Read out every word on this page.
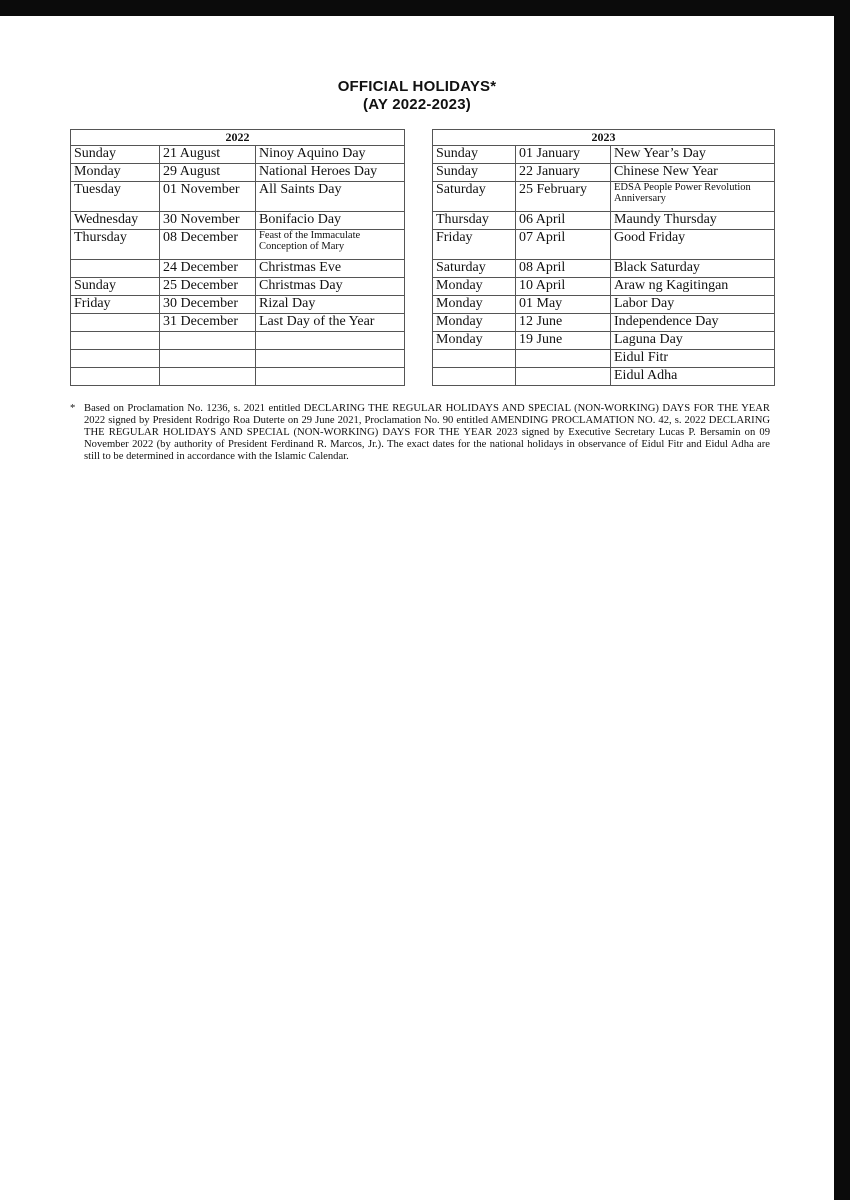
OFFICIAL HOLIDAYS*
(AY 2022-2023)
2022		
Sunday	21 August	Ninoy Aquino Day
Monday	29 August	National Heroes Day
Tuesday	01 November	All Saints Day
Wednesday	30 November	Bonifacio Day
Thursday	08 December	Feast of the Immaculate Conception of Mary
	24 December	Christmas Eve
Sunday	25 December	Christmas Day
Friday	30 December	Rizal Day
	31 December	Last Day of the Year

2023		
Sunday	01 January	New Year’s Day
Sunday	22 January	Chinese New Year
Saturday	25 February	EDSA People Power Revolution Anniversary
Thursday	06 April	Maundy Thursday
Friday	07 April	Good Friday
Saturday	08 April	Black Saturday
Monday	10 April	Araw ng Kagitingan
Monday	01 May	Labor Day
Monday	12 June	Independence Day
Monday	19 June	Laguna Day
		Eidul Fitr
		Eidul Adha
* Based on Proclamation No. 1236, s. 2021 entitled DECLARING THE REGULAR HOLIDAYS AND SPECIAL (NON-WORKING) DAYS FOR THE YEAR 2022 signed by President Rodrigo Roa Duterte on 29 June 2021, Proclamation No. 90 entitled AMENDING PROCLAMATION NO. 42, s. 2022 DECLARING THE REGULAR HOLIDAYS AND SPECIAL (NON-WORKING) DAYS FOR THE YEAR 2023 signed by Executive Secretary Lucas P. Bersamin on 09 November 2022 (by authority of President Ferdinand R. Marcos, Jr.). The exact dates for the national holidays in observance of Eidul Fitr and Eidul Adha are still to be determined in accordance with the Islamic Calendar.
